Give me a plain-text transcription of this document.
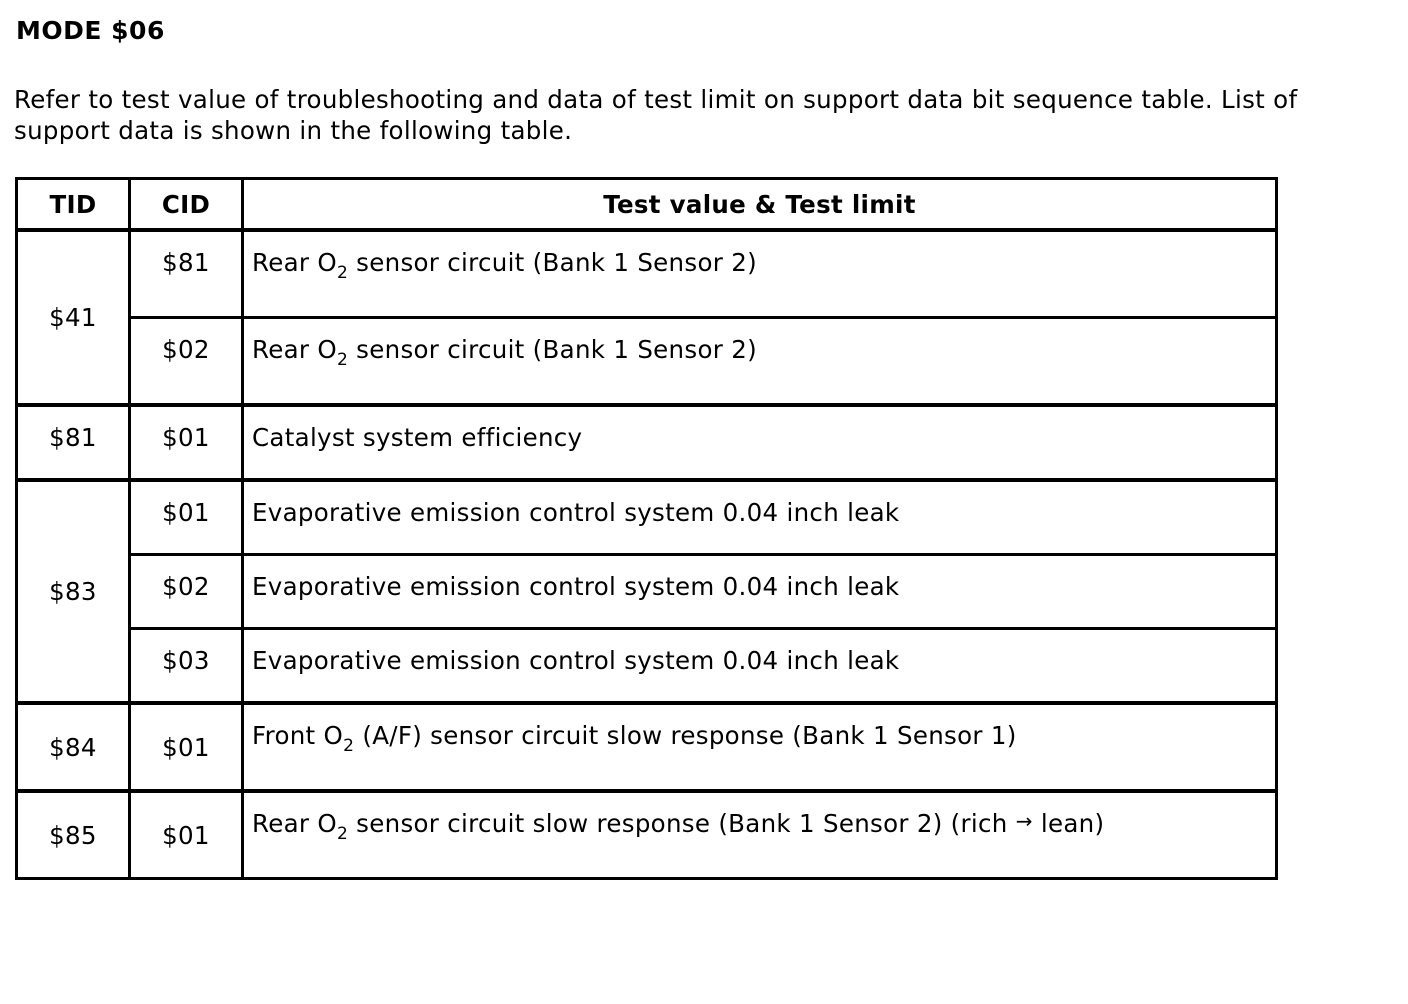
MODE $06
Refer to test value of troubleshooting and data of test limit on support data bit sequence table. List of support data is shown in the following table.
TID	CID	Test value & Test limit
$41	$81	Rear $O_2$ sensor circuit (Bank 1 Sensor 2)
	$02	Rear $O_2$ sensor circuit (Bank 1 Sensor 2)
$81	$01	Catalyst system efficiency
$83	$01	Evaporative emission control system 0.04 inch leak
	$02	Evaporative emission control system 0.04 inch leak
	$03	Evaporative emission control system 0.04 inch leak
$84	$01	Front $O_2$ (A/F) sensor circuit slow response (Bank 1 Sensor 1)
$85	$01	Rear $O_2$ sensor circuit slow response (Bank 1 Sensor 2) (rich → lean)
